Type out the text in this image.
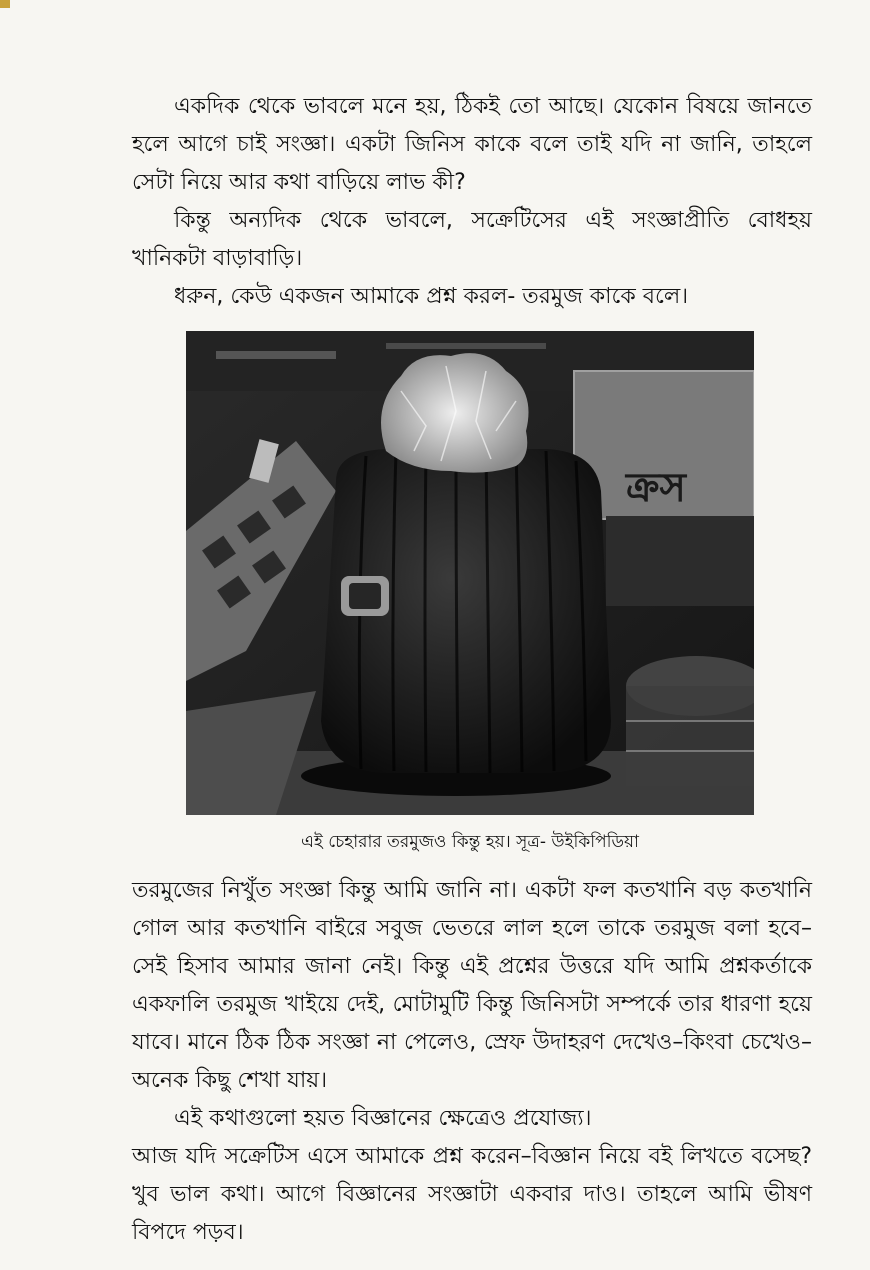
একদিক থেকে ভাবলে মনে হয়, ঠিকই তো আছে। যেকোন বিষয়ে জানতে হলে আগে চাই সংজ্ঞা। একটা জিনিস কাকে বলে তাই যদি না জানি, তাহলে সেটা নিয়ে আর কথা বাড়িয়ে লাভ কী?

কিন্তু অন্যদিক থেকে ভাবলে, সক্রেটিসের এই সংজ্ঞাপ্রীতি বোধহয় খানিকটা বাড়াবাড়ি।

ধরুন, কেউ একজন আমাকে প্রশ্ন করল- তরমুজ কাকে বলে।

ক্রস
এই চেহারার তরমুজও কিন্তু হয়। সূত্র- উইকিপিডিয়া

তরমুজের নিখুঁত সংজ্ঞা কিন্তু আমি জানি না। একটা ফল কতখানি বড় কতখানি গোল আর কতখানি বাইরে সবুজ ভেতরে লাল হলে তাকে তরমুজ বলা হবে–সেই হিসাব আমার জানা নেই। কিন্তু এই প্রশ্নের উত্তরে যদি আমি প্রশ্নকর্তাকে একফালি তরমুজ খাইয়ে দেই, মোটামুটি কিন্তু জিনিসটা সম্পর্কে তার ধারণা হয়ে যাবে। মানে ঠিক ঠিক সংজ্ঞা না পেলেও, স্রেফ উদাহরণ দেখেও–কিংবা চেখেও–অনেক কিছু শেখা যায়।

এই কথাগুলো হয়ত বিজ্ঞানের ক্ষেত্রেও প্রযোজ্য।

আজ যদি সক্রেটিস এসে আমাকে প্রশ্ন করেন–বিজ্ঞান নিয়ে বই লিখতে বসেছ? খুব ভাল কথা। আগে বিজ্ঞানের সংজ্ঞাটা একবার দাও। তাহলে আমি ভীষণ বিপদে পড়ব।
